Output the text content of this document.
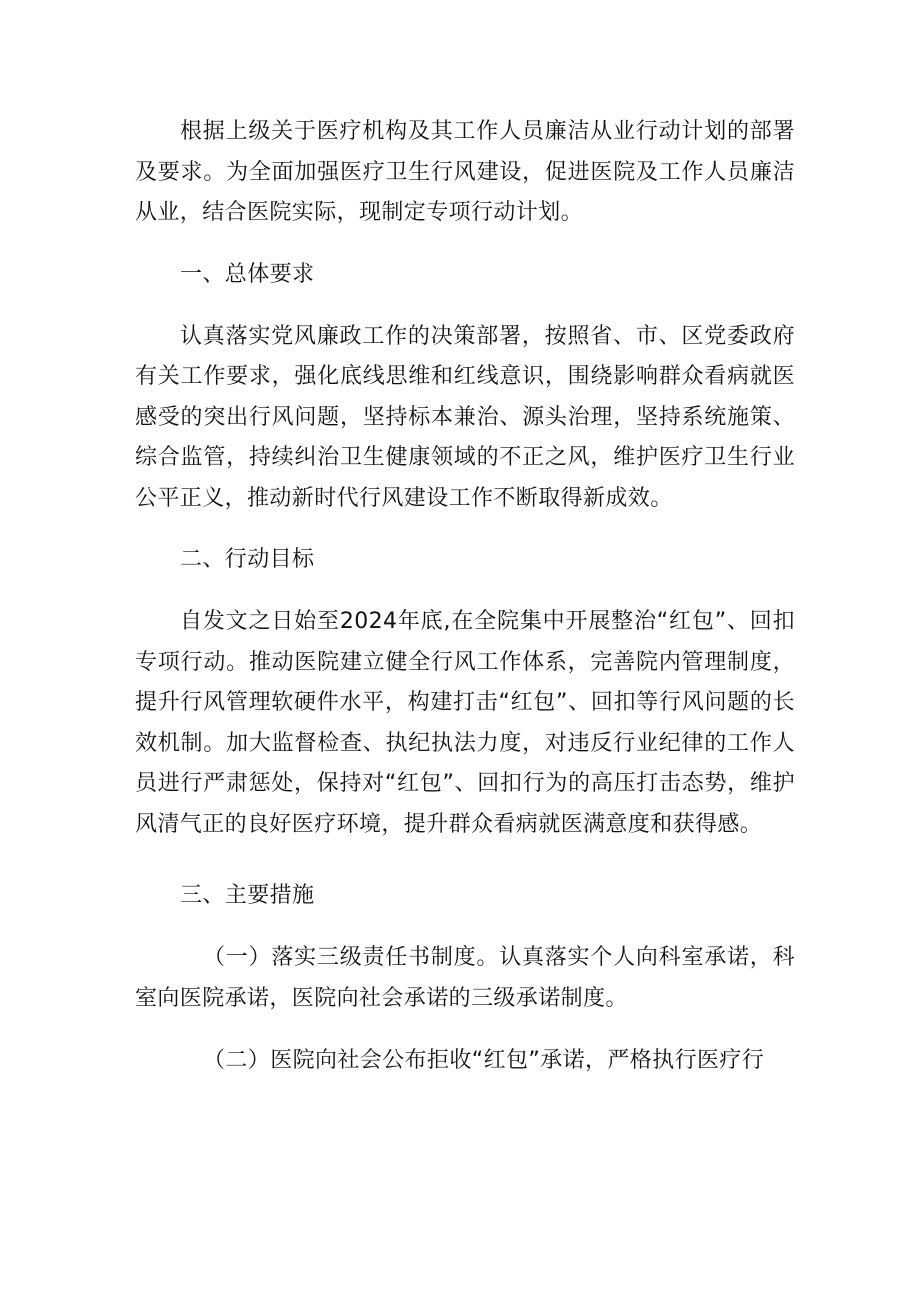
根据上级关于医疗机构及其工作人员廉洁从业行动计划的部署及要求。为全面加强医疗卫生行风建设，促进医院及工作人员廉洁从业，结合医院实际，现制定专项行动计划。

一、总体要求

认真落实党风廉政工作的决策部署，按照省、市、区党委政府有关工作要求，强化底线思维和红线意识，围绕影响群众看病就医感受的突出行风问题，坚持标本兼治、源头治理，坚持系统施策、综合监管，持续纠治卫生健康领域的不正之风，维护医疗卫生行业公平正义，推动新时代行风建设工作不断取得新成效。

二、行动目标

自发文之日始至2024年底,在全院集中开展整治“红包”、回扣专项行动。推动医院建立健全行风工作体系，完善院内管理制度，提升行风管理软硬件水平，构建打击“红包”、回扣等行风问题的长效机制。加大监督检查、执纪执法力度，对违反行业纪律的工作人员进行严肃惩处，保持对“红包”、回扣行为的高压打击态势，维护风清气正的良好医疗环境，提升群众看病就医满意度和获得感。

三、主要措施

（一）落实三级责任书制度。认真落实个人向科室承诺，科室向医院承诺，医院向社会承诺的三级承诺制度。

（二）医院向社会公布拒收“红包”承诺，严格执行医疗行
